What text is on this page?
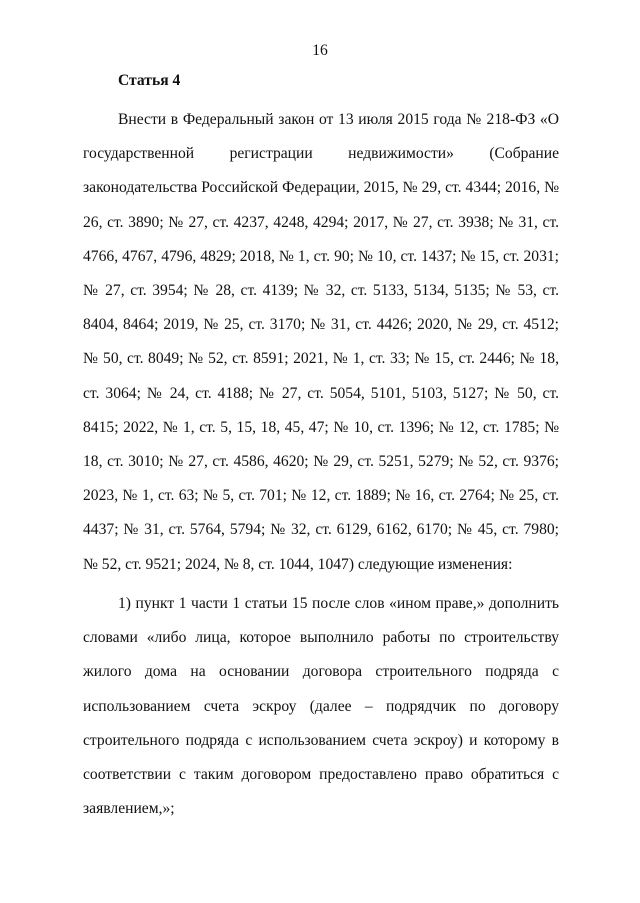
16
Статья 4

Внести в Федеральный закон от 13 июля 2015 года № 218-ФЗ «О государственной регистрации недвижимости» (Собрание законодательства Российской Федерации, 2015, № 29, ст. 4344; 2016, № 26, ст. 3890; № 27, ст. 4237, 4248, 4294; 2017, № 27, ст. 3938; № 31, ст. 4766, 4767, 4796, 4829; 2018, № 1, ст. 90; № 10, ст. 1437; № 15, ст. 2031; № 27, ст. 3954; № 28, ст. 4139; № 32, ст. 5133, 5134, 5135; № 53, ст. 8404, 8464; 2019, № 25, ст. 3170; № 31, ст. 4426; 2020, № 29, ст. 4512; № 50, ст. 8049; № 52, ст. 8591; 2021, № 1, ст. 33; № 15, ст. 2446; № 18, ст. 3064; № 24, ст. 4188; № 27, ст. 5054, 5101, 5103, 5127; № 50, ст. 8415; 2022, № 1, ст. 5, 15, 18, 45, 47; № 10, ст. 1396; № 12, ст. 1785; № 18, ст. 3010; № 27, ст. 4586, 4620; № 29, ст. 5251, 5279; № 52, ст. 9376; 2023, № 1, ст. 63; № 5, ст. 701; № 12, ст. 1889; № 16, ст. 2764; № 25, ст. 4437; № 31, ст. 5764, 5794; № 32, ст. 6129, 6162, 6170; № 45, ст. 7980; № 52, ст. 9521; 2024, № 8, ст. 1044, 1047) следующие изменения:

1) пункт 1 части 1 статьи 15 после слов «ином праве,» дополнить словами «либо лица, которое выполнило работы по строительству жилого дома на основании договора строительного подряда с использованием счета эскроу (далее – подрядчик по договору строительного подряда с использованием счета эскроу) и которому в соответствии с таким договором предоставлено право обратиться с заявлением,»;
